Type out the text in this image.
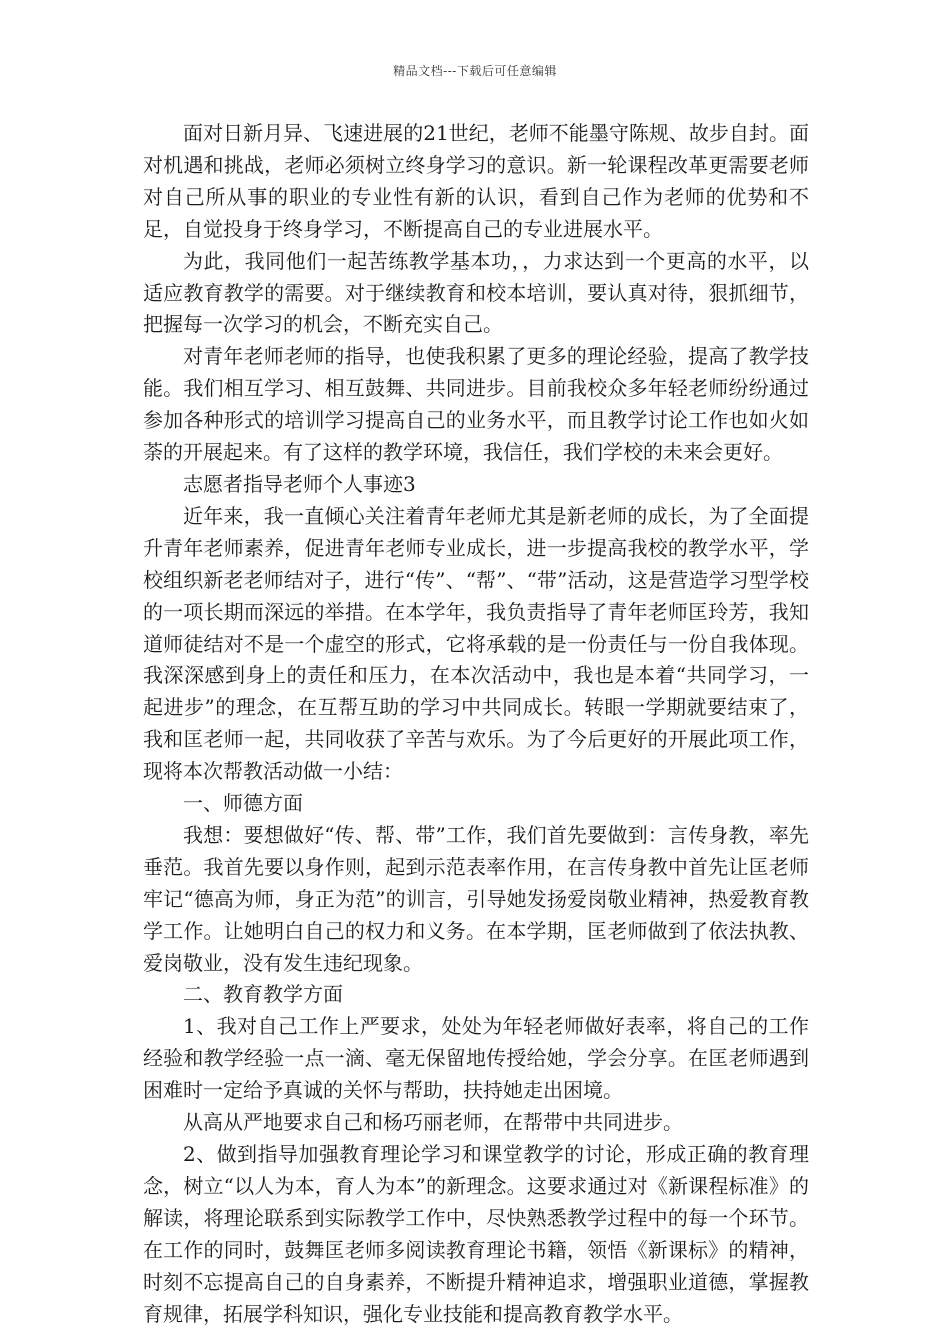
精品文档---下载后可任意编辑

面对日新月异、飞速进展的21世纪，老师不能墨守陈规、故步自封。面对机遇和挑战，老师必须树立终身学习的意识。新一轮课程改革更需要老师对自己所从事的职业的专业性有新的认识，看到自己作为老师的优势和不足，自觉投身于终身学习，不断提高自己的专业进展水平。

为此，我同他们一起苦练教学基本功，，力求达到一个更高的水平，以适应教育教学的需要。对于继续教育和校本培训，要认真对待，狠抓细节，把握每一次学习的机会，不断充实自己。

对青年老师老师的指导，也使我积累了更多的理论经验，提高了教学技能。我们相互学习、相互鼓舞、共同进步。目前我校众多年轻老师纷纷通过参加各种形式的培训学习提高自己的业务水平，而且教学讨论工作也如火如荼的开展起来。有了这样的教学环境，我信任，我们学校的未来会更好。

志愿者指导老师个人事迹3

近年来，我一直倾心关注着青年老师尤其是新老师的成长，为了全面提升青年老师素养，促进青年老师专业成长，进一步提高我校的教学水平，学校组织新老老师结对子，进行“传”、“帮”、“带”活动，这是营造学习型学校的一项长期而深远的举措。在本学年，我负责指导了青年老师匡玲芳，我知道师徒结对不是一个虚空的形式，它将承载的是一份责任与一份自我体现。我深深感到身上的责任和压力，在本次活动中，我也是本着“共同学习，一起进步”的理念，在互帮互助的学习中共同成长。转眼一学期就要结束了，我和匡老师一起，共同收获了辛苦与欢乐。为了今后更好的开展此项工作，现将本次帮教活动做一小结：

一、师德方面

我想：要想做好“传、帮、带”工作，我们首先要做到：言传身教，率先垂范。我首先要以身作则，起到示范表率作用，在言传身教中首先让匡老师牢记“德高为师，身正为范”的训言，引导她发扬爱岗敬业精神，热爱教育教学工作。让她明白自己的权力和义务。在本学期，匡老师做到了依法执教、爱岗敬业，没有发生违纪现象。

二、教育教学方面

1、我对自己工作上严要求，处处为年轻老师做好表率，将自己的工作经验和教学经验一点一滴、毫无保留地传授给她，学会分享。在匡老师遇到困难时一定给予真诚的关怀与帮助，扶持她走出困境。

从高从严地要求自己和杨巧丽老师，在帮带中共同进步。

2、做到指导加强教育理论学习和课堂教学的讨论，形成正确的教育理念，树立“以人为本，育人为本”的新理念。这要求通过对《新课程标准》的解读，将理论联系到实际教学工作中，尽快熟悉教学过程中的每一个环节。在工作的同时，鼓舞匡老师多阅读教育理论书籍，领悟《新课标》的精神，时刻不忘提高自己的自身素养，不断提升精神追求，增强职业道德，掌握教育规律，拓展学科知识，强化专业技能和提高教育教学水平。
